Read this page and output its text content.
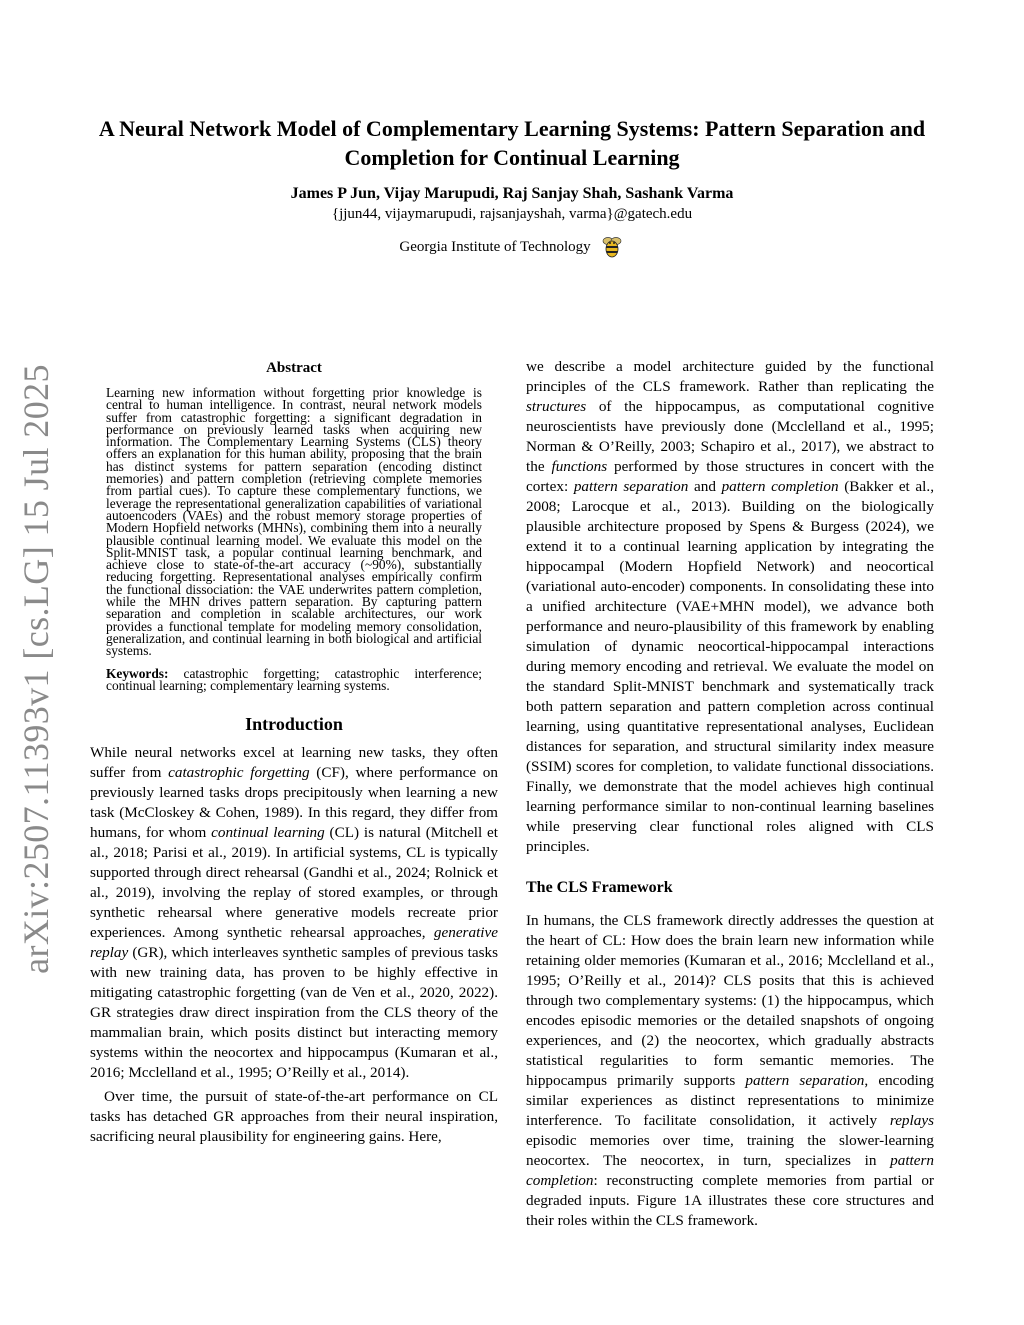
arXiv:2507.11393v1 [cs.LG] 15 Jul 2025
A Neural Network Model of Complementary Learning Systems: Pattern Separation and Completion for Continual Learning
James P Jun, Vijay Marupudi, Raj Sanjay Shah, Sashank Varma
{jjun44, vijaymarupudi, rajsanjayshah, varma}@gatech.edu
Georgia Institute of Technology
Abstract

Learning new information without forgetting prior knowledge is central to human intelligence. In contrast, neural network models suffer from catastrophic forgetting: a significant degradation in performance on previously learned tasks when acquiring new information. The Complementary Learning Systems (CLS) theory offers an explanation for this human ability, proposing that the brain has distinct systems for pattern separation (encoding distinct memories) and pattern completion (retrieving complete memories from partial cues). To capture these complementary functions, we leverage the representational generalization capabilities of variational autoencoders (VAEs) and the robust memory storage properties of Modern Hopfield networks (MHNs), combining them into a neurally plausible continual learning model. We evaluate this model on the Split-MNIST task, a popular continual learning benchmark, and achieve close to state-of-the-art accuracy (~90%), substantially reducing forgetting. Representational analyses empirically confirm the functional dissociation: the VAE underwrites pattern completion, while the MHN drives pattern separation. By capturing pattern separation and completion in scalable architectures, our work provides a functional template for modeling memory consolidation, generalization, and continual learning in both biological and artificial systems.

Keywords: catastrophic forgetting; catastrophic interference; continual learning; complementary learning systems.

Introduction

While neural networks excel at learning new tasks, they often suffer from catastrophic forgetting (CF), where performance on previously learned tasks drops precipitously when learning a new task (McCloskey & Cohen, 1989). In this regard, they differ from humans, for whom continual learning (CL) is natural (Mitchell et al., 2018; Parisi et al., 2019). In artificial systems, CL is typically supported through direct rehearsal (Gandhi et al., 2024; Rolnick et al., 2019), involving the replay of stored examples, or through synthetic rehearsal where generative models recreate prior experiences. Among synthetic rehearsal approaches, generative replay (GR), which interleaves synthetic samples of previous tasks with new training data, has proven to be highly effective in mitigating catastrophic forgetting (van de Ven et al., 2020, 2022). GR strategies draw direct inspiration from the CLS theory of the mammalian brain, which posits distinct but interacting memory systems within the neocortex and hippocampus (Kumaran et al., 2016; Mcclelland et al., 1995; O’Reilly et al., 2014).

Over time, the pursuit of state-of-the-art performance on CL tasks has detached GR approaches from their neural inspiration, sacrificing neural plausibility for engineering gains. Here,

we describe a model architecture guided by the functional principles of the CLS framework. Rather than replicating the structures of the hippocampus, as computational cognitive neuroscientists have previously done (Mcclelland et al., 1995; Norman & O’Reilly, 2003; Schapiro et al., 2017), we abstract to the functions performed by those structures in concert with the cortex: pattern separation and pattern completion (Bakker et al., 2008; Larocque et al., 2013). Building on the biologically plausible architecture proposed by Spens & Burgess (2024), we extend it to a continual learning application by integrating the hippocampal (Modern Hopfield Network) and neocortical (variational auto-encoder) components. In consolidating these into a unified architecture (VAE+MHN model), we advance both performance and neuro-plausibility of this framework by enabling simulation of dynamic neocortical-hippocampal interactions during memory encoding and retrieval. We evaluate the model on the standard Split-MNIST benchmark and systematically track both pattern separation and pattern completion across continual learning, using quantitative representational analyses, Euclidean distances for separation, and structural similarity index measure (SSIM) scores for completion, to validate functional dissociations. Finally, we demonstrate that the model achieves high continual learning performance similar to non-continual learning baselines while preserving clear functional roles aligned with CLS principles.

The CLS Framework

In humans, the CLS framework directly addresses the question at the heart of CL: How does the brain learn new information while retaining older memories (Kumaran et al., 2016; Mcclelland et al., 1995; O’Reilly et al., 2014)? CLS posits that this is achieved through two complementary systems: (1) the hippocampus, which encodes episodic memories or the detailed snapshots of ongoing experiences, and (2) the neocortex, which gradually abstracts statistical regularities to form semantic memories. The hippocampus primarily supports pattern separation, encoding similar experiences as distinct representations to minimize interference. To facilitate consolidation, it actively replays episodic memories over time, training the slower-learning neocortex. The neocortex, in turn, specializes in pattern completion: reconstructing complete memories from partial or degraded inputs. Figure 1A illustrates these core structures and their roles within the CLS framework.
